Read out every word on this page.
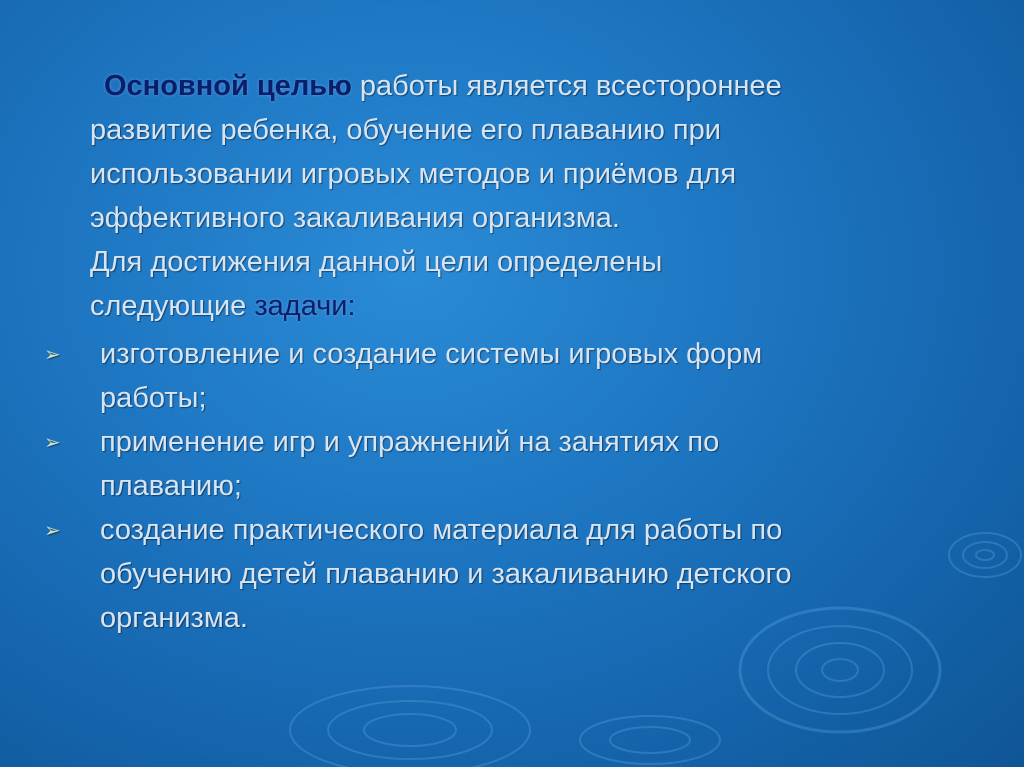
Основной целью работы является всестороннее
развитие ребенка, обучение его плаванию при
использовании игровых методов и приёмов для
эффективного закаливания организма.
Для достижения данной цели определены
следующие задачи:
➢ изготовление и создание системы игровых форм
работы;
➢ применение игр и упражнений на занятиях по
плаванию;
➢ создание практического материала для работы по
обучению детей плаванию и закаливанию детского
организма.
